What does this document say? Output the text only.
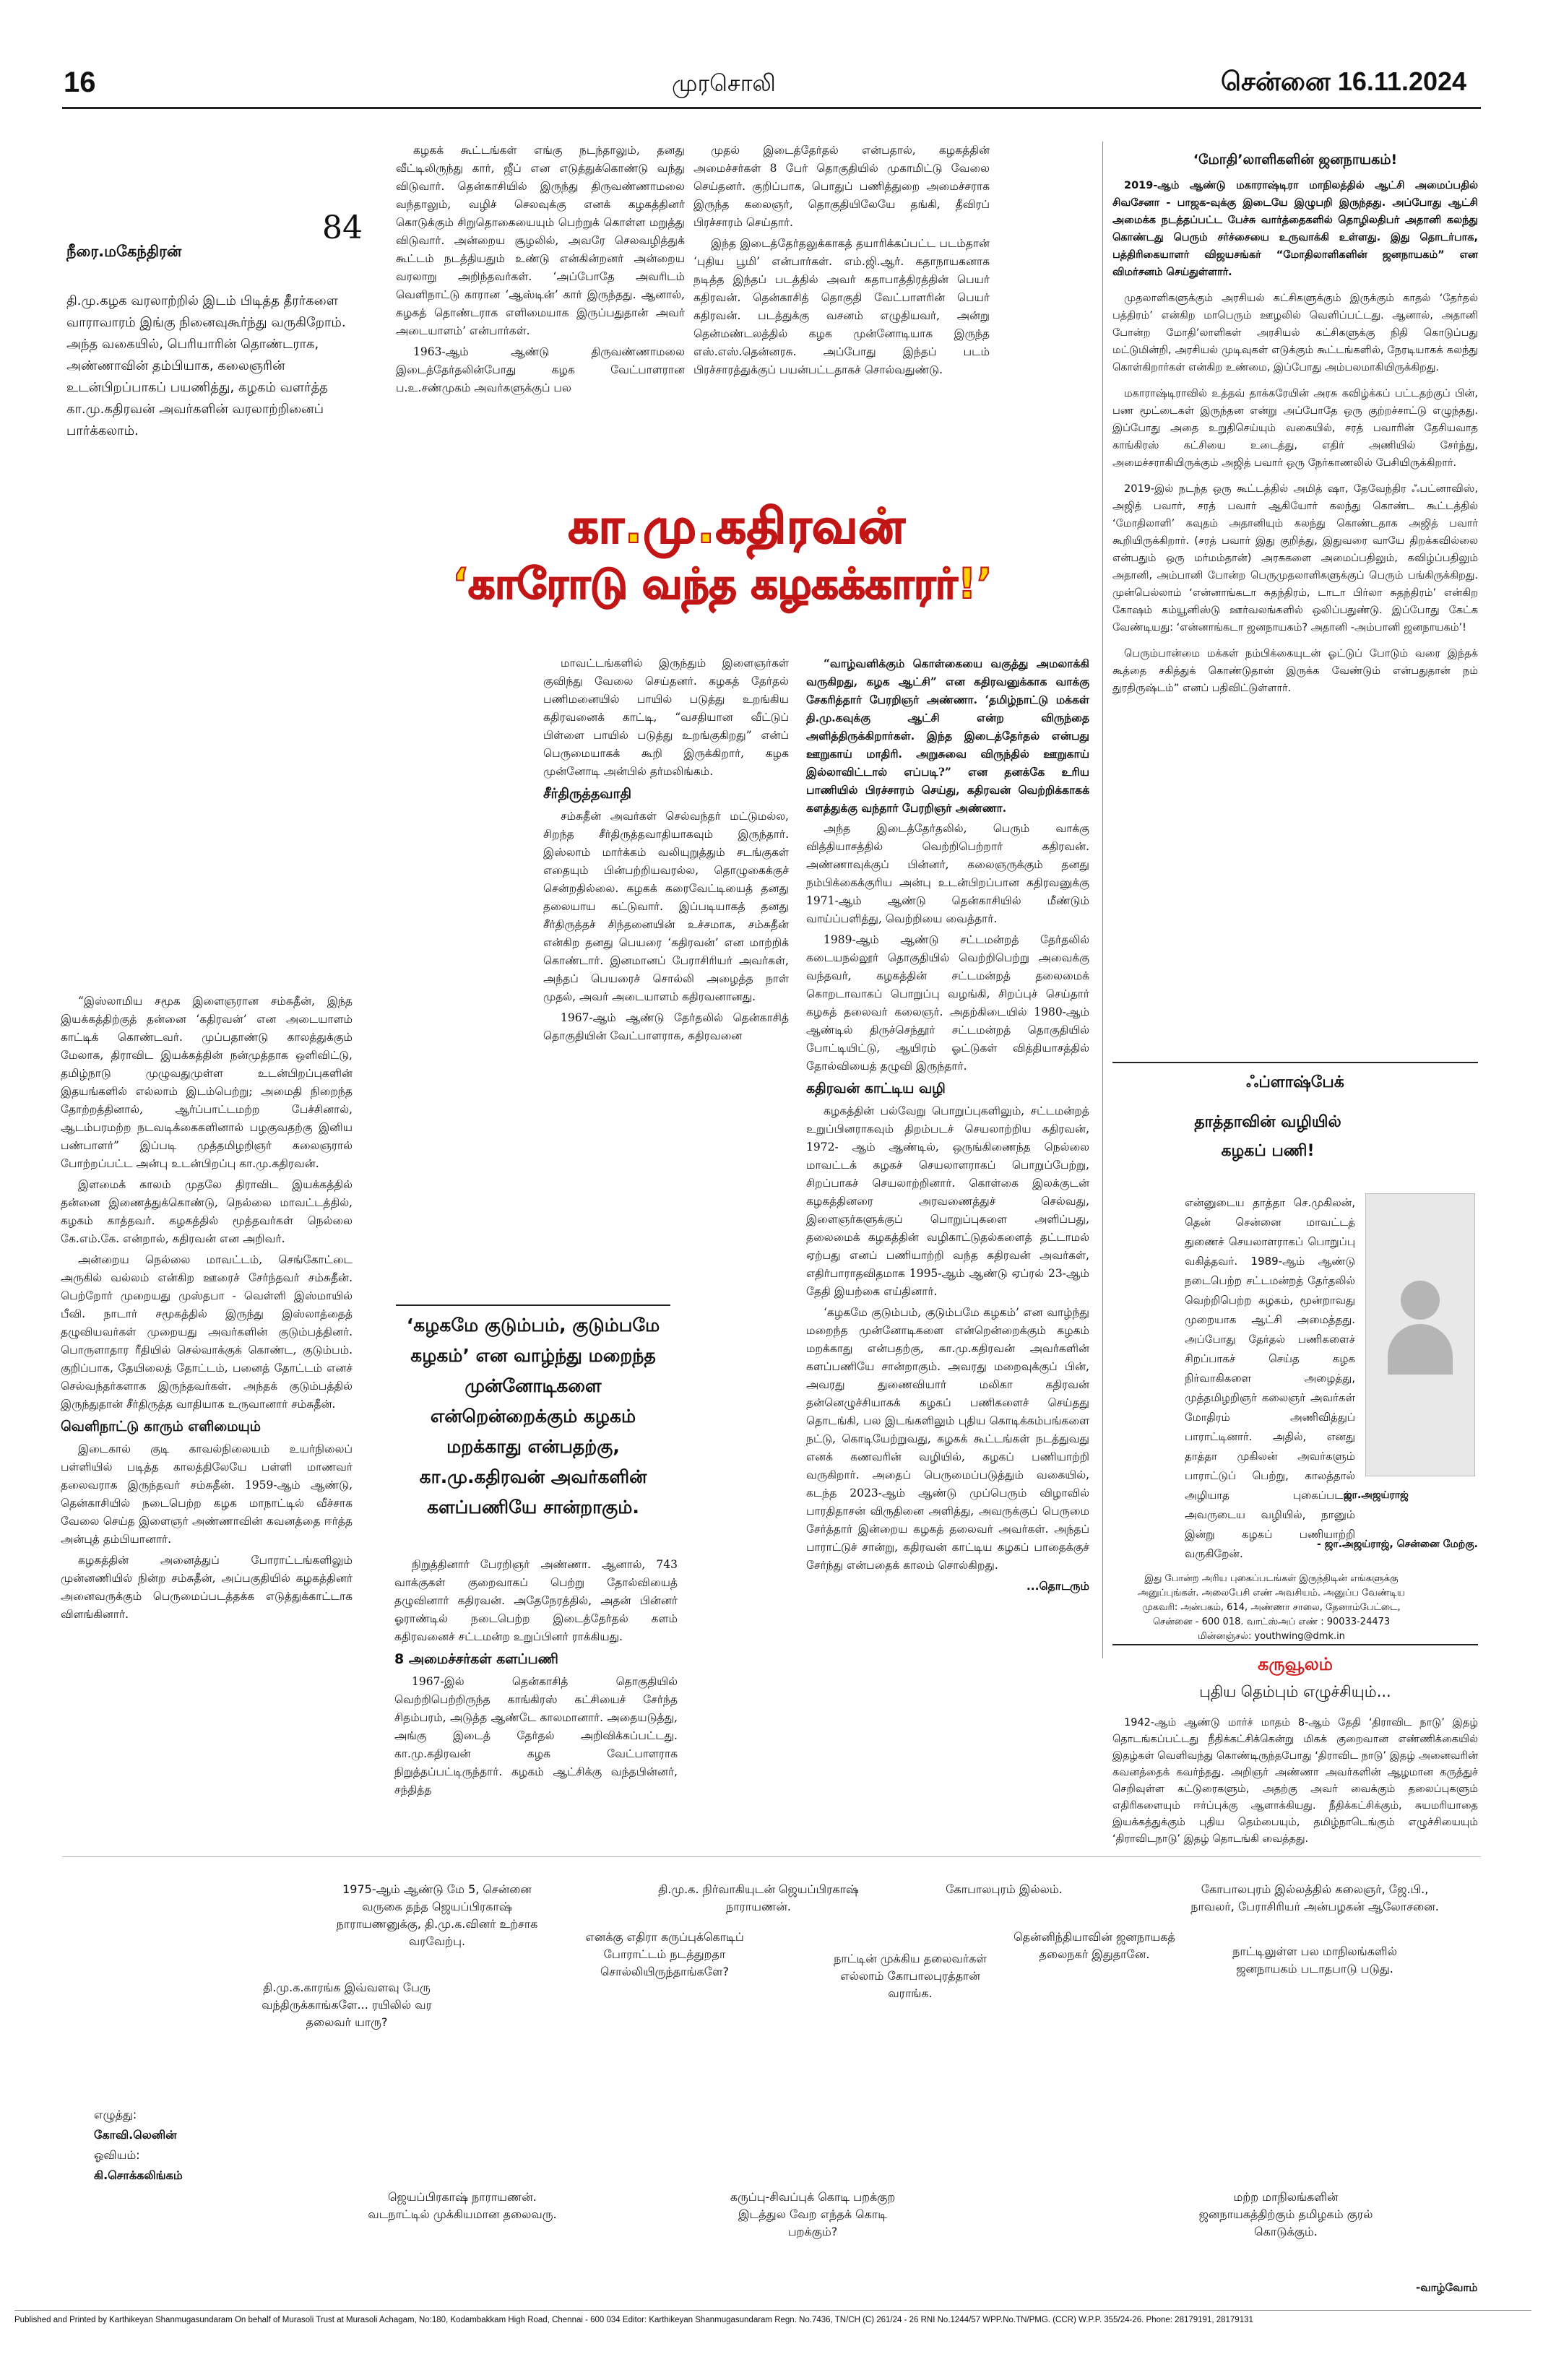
16	முரசொலி	சென்னை 16.11.2024
84
நீரை.மகேந்திரன்
தி.மு.கழக வரலாற்றில் இடம் பிடித்த தீரர்களை வாராவாரம் இங்கு நினைவுகூர்ந்து வருகிறோம். அந்த வகையில், பெரியாரின் தொண்டராக, அண்ணாவின் தம்பியாக, கலைஞரின் உடன்பிறப்பாகப் பயணித்து, கழகம் வளர்த்த கா.மு.கதிரவன் அவர்களின் வரலாற்றினைப் பார்க்கலாம்.

கழகக் கூட்டங்கள் எங்கு நடந்தாலும், தனது வீட்டிலிருந்து கார், ஜீப் என எடுத்துக்கொண்டு வந்து விடுவார். தென்காசியில் இருந்து திருவண்ணாமலை வந்தாலும், வழிச் செலவுக்கு எனக் கழகத்தினர் கொடுக்கும் சிறுதொகையையும் பெற்றுக் கொள்ள மறுத்து விடுவார். அன்றைய சூழலில், அவரே செலவழித்துக் கூட்டம் நடத்தியதும் உண்டு என்கின்றனர் அன்றைய வரலாறு அறிந்தவர்கள். ‘அப்போதே அவரிடம் வெளிநாட்டு காரான ‘ஆஸ்டின்’ கார் இருந்தது. ஆனால், கழகத் தொண்டராக எளிமையாக இருப்பதுதான் அவர் அடையாளம்’ என்பார்கள்.

1963-ஆம் ஆண்டு திருவண்ணாமலை இடைத்தேர்தலின்போது கழக வேட்பாளரான ப.உ.சண்முகம் அவர்களுக்குப் பல

முதல் இடைத்தேர்தல் என்பதால், கழகத்தின் அமைச்சர்கள் 8 பேர் தொகுதியில் முகாமிட்டு வேலை செய்தனர். குறிப்பாக, பொதுப் பணித்துறை அமைச்சராக இருந்த கலைஞர், தொகுதியிலேயே தங்கி, தீவிரப் பிரச்சாரம் செய்தார்.

இந்த இடைத்தேர்தலுக்காகத் தயாரிக்கப்பட்ட படம்தான் ‘புதிய பூமி’ என்பார்கள். எம்.ஜி.ஆர். கதாநாயகனாக நடித்த இந்தப் படத்தில் அவர் கதாபாத்திரத்தின் பெயர் கதிரவன். தென்காசித் தொகுதி வேட்பாளரின் பெயர் கதிரவன். படத்துக்கு வசனம் எழுதியவர், அன்று தென்மண்டலத்தில் கழக முன்னோடியாக இருந்த எஸ்.எஸ்.தென்னரசு. அப்போது இந்தப் படம் பிரச்சாரத்துக்குப் பயன்பட்டதாகச் சொல்வதுண்டு.

கா.மு.கதிரவன்
‘காரோடு வந்த கழகக்காரர்!’

மாவட்டங்களில் இருந்தும் இளைஞர்கள் குவிந்து வேலை செய்தனர். கழகத் தேர்தல் பணிமனையில் பாயில் படுத்து உறங்கிய கதிரவனைக் காட்டி, “வசதியான வீட்டுப் பிள்ளை பாயில் படுத்து உறங்குகிறது” என்ப் பெருமையாகக் கூறி இருக்கிறார், கழக முன்னோடி அன்பில் தர்மலிங்கம்.

சீர்திருத்தவாதி

சம்சுதீன் அவர்கள் செல்வந்தர் மட்டுமல்ல, சிறந்த சீர்திருத்தவாதியாகவும் இருந்தார். இஸ்லாம் மார்க்கம் வலியுறுத்தும் சடங்குகள் எதையும் பின்பற்றியவரல்ல, தொழுகைக்குச் சென்றதில்லை. கழகக் கரைவேட்டியைத் தனது தலையாய கட்டுவார். இப்படியாகத் தனது சீர்திருத்தச் சிந்தனையின் உச்சமாக, சம்சுதீன் என்கிற தனது பெயரை ‘கதிரவன்’ என மாற்றிக் கொண்டார். இனமானப் பேராசிரியர் அவர்கள், அந்தப் பெயரைச் சொல்லி அழைத்த நாள் முதல், அவர் அடையாளம் கதிரவனானது.

1967-ஆம் ஆண்டு தேர்தலில் தென்காசித் தொகுதியின் வேட்பாளராக, கதிரவனை

“வாழ்வளிக்கும் கொள்கையை வகுத்து அமலாக்கி வருகிறது, கழக ஆட்சி” என கதிரவனுக்காக வாக்கு சேகரித்தார் பேரறிஞர் அண்ணா. ‘தமிழ்நாட்டு மக்கள் தி.மு.கவுக்கு ஆட்சி என்ற விருந்தை அளித்திருக்கிறார்கள். இந்த இடைத்தேர்தல் என்பது ஊறுகாய் மாதிரி. அறுசுவை விருந்தில் ஊறுகாய் இல்லாவிட்டால் எப்படி?” என தனக்கே உரிய பாணியில் பிரச்சாரம் செய்து, கதிரவன் வெற்றிக்காகக் களத்துக்கு வந்தார் பேரறிஞர் அண்ணா.

அந்த இடைத்தேர்தலில், பெரும் வாக்கு வித்தியாசத்தில் வெற்றிபெற்றார் கதிரவன். அண்ணாவுக்குப் பின்னர், கலைஞருக்கும் தனது நம்பிக்கைக்குரிய அன்பு உடன்பிறப்பான கதிரவனுக்கு 1971-ஆம் ஆண்டு தென்காசியில் மீண்டும் வாய்ப்பளித்து, வெற்றியை வைத்தார்.

1989-ஆம் ஆண்டு சட்டமன்றத் தேர்தலில் கடையநல்லூர் தொகுதியில் வெற்றிபெற்று அவைக்கு வந்தவர், கழகத்தின் சட்டமன்றத் தலைமைக் கொறடாவாகப் பொறுப்பு வழங்கி, சிறப்புச் செய்தார் கழகத் தலைவர் கலைஞர். அதற்கிடையில் 1980-ஆம் ஆண்டில் திருச்செந்தூர் சட்டமன்றத் தொகுதியில் போட்டியிட்டு, ஆயிரம் ஓட்டுகள் வித்தியாசத்தில் தோல்வியைத் தழுவி இருந்தார்.

கதிரவன் காட்டிய வழி

கழகத்தின் பல்வேறு பொறுப்புகளிலும், சட்டமன்றத் உறுப்பினராகவும் திறம்படச் செயலாற்றிய கதிரவன், 1972- ஆம் ஆண்டில், ஒருங்கிணைந்த நெல்லை மாவட்டக் கழகச் செயலாளராகப் பொறுப்பேற்று, சிறப்பாகச் செயலாற்றினார். கொள்கை இலக்குடன் கழகத்தினரை அரவணைத்துச் செல்வது, இளைஞர்களுக்குப் பொறுப்புகளை அளிப்பது, தலைமைக் கழகத்தின் வழிகாட்டுதல்களைத் தட்டாமல் ஏற்பது எனப் பணியாற்றி வந்த கதிரவன் அவர்கள், எதிர்பாராதவிதமாக 1995-ஆம் ஆண்டு ஏப்ரல் 23-ஆம் தேதி இயற்கை எய்தினார்.

‘கழகமே குடும்பம், குடும்பமே கழகம்’ என வாழ்ந்து மறைந்த முன்னோடிகளை என்றென்றைக்கும் கழகம் மறக்காது என்பதற்கு, கா.மு.கதிரவன் அவர்களின் களப்பணியே சான்றாகும். அவரது மறைவுக்குப் பின், அவரது துணைவியார் மலிகா கதிரவன் தன்னெழுச்சியாகக் கழகப் பணிகளைச் செய்தது தொடங்கி, பல இடங்களிலும் புதிய கொடிக்கம்பங்களை நட்டு, கொடியேற்றுவது, கழகக் கூட்டங்கள் நடத்துவது எனக் கணவரின் வழியில், கழகப் பணியாற்றி வருகிறார். அதைப் பெருமைப்படுத்தும் வகையில், கடந்த 2023-ஆம் ஆண்டு முப்பெரும் விழாவில் பாரதிதாசன் விருதினை அளித்து, அவருக்குப் பெருமை சேர்த்தார் இன்றைய கழகத் தலைவர் அவர்கள். அந்தப் பாராட்டுச் சான்று, கதிரவன் காட்டிய கழகப் பாதைக்குச் சேர்ந்து என்பதைக் காலம் சொல்கிறது.

...தொடரும்

“இஸ்லாமிய சமூக இளைஞரான சம்சுதீன், இந்த இயக்கத்திற்குத் தன்னை ‘கதிரவன்’ என அடையாளம் காட்டிக் கொண்டவர். முப்பதாண்டு காலத்துக்கும் மேலாக, திராவிட இயக்கத்தின் நன்முத்தாக ஒளிவிட்டு, தமிழ்நாடு முழுவதுமுள்ள உடன்பிறப்புகளின் இதயங்களில் எல்லாம் இடம்பெற்று; அமைதி நிறைந்த தோற்றத்தினால், ஆர்ப்பாட்டமற்ற பேச்சினால், ஆடம்பரமற்ற நடவடிக்கைகளினால் பழகுவதற்கு இனிய பண்பாளர்” இப்படி முத்தமிழறிஞர் கலைஞரால் போற்றப்பட்ட அன்பு உடன்பிறப்பு கா.மு.கதிரவன்.

இளமைக் காலம் முதலே திராவிட இயக்கத்தில் தன்னை இணைத்துக்கொண்டு, நெல்லை மாவட்டத்தில், கழகம் காத்தவர். கழகத்தில் மூத்தவர்கள் நெல்லை கே.எம்.கே. என்றால், கதிரவன் என அறிவர்.

அன்றைய நெல்லை மாவட்டம், செங்கோட்டை அருகில் வல்லம் என்கிற ஊரைச் சேர்ந்தவர் சம்சுதீன். பெற்றோர் முறையது முஸ்தபா - வெள்ளி இஸ்மாயில் பீவி. நாடார் சமூகத்தில் இருந்து இஸ்லாத்தைத் தழுவியவர்கள் முறையது அவர்களின் குடும்பத்தினர். பொருளாதார ரீதியில் செல்வாக்குக் கொண்ட, குடும்பம். குறிப்பாக, தேயிலைத் தோட்டம், பனைத் தோட்டம் எனச் செல்வந்தர்களாக இருந்தவர்கள். அந்தக் குடும்பத்தில் இருந்துதான் சீர்திருத்த வாதியாக உருவானார் சம்சுதீன்.

வெளிநாட்டு காரும் எளிமையும்

இடைகால் குடி காவல்நிலையம் உயர்நிலைப் பள்ளியில் படித்த காலத்திலேயே பள்ளி மாணவர் தலைவராக இருந்தவர் சம்சுதீன். 1959-ஆம் ஆண்டு, தென்காசியில் நடைபெற்ற கழக மாநாட்டில் வீச்சாக வேலை செய்த இளைஞர் அண்ணாவின் கவனத்தை ஈர்த்த அன்புத் தம்பியானார்.

கழகத்தின் அனைத்துப் போராட்டங்களிலும் முன்னணியில் நின்ற சம்சுதீன், அப்பகுதியில் கழகத்தினர் அனைவருக்கும் பெருமைப்படத்தக்க எடுத்துக்காட்டாக விளங்கினார்.

‘கழகமே குடும்பம், குடும்பமே கழகம்’ என வாழ்ந்து மறைந்த முன்னோடிகளை என்றென்றைக்கும் கழகம் மறக்காது என்பதற்கு, கா.மு.கதிரவன் அவர்களின் களப்பணியே சான்றாகும்.

நிறுத்தினார் பேரறிஞர் அண்ணா. ஆனால், 743 வாக்குகள் குறைவாகப் பெற்று தோல்வியைத் தழுவினார் கதிரவன். அதேநேரத்தில், அதன் பின்னர் ஓராண்டில் நடைபெற்ற இடைத்தேர்தல் களம் கதிரவனைச் சட்டமன்ற உறுப்பினர் ராக்கியது.

8 அமைச்சர்கள் களப்பணி

1967-இல் தென்காசித் தொகுதியில் வெற்றிபெற்றிருந்த காங்கிரஸ் கட்சியைச் சேர்ந்த சிதம்பரம், அடுத்த ஆண்டே காலமானார். அதையடுத்து, அங்கு இடைத் தேர்தல் அறிவிக்கப்பட்டது. கா.மு.கதிரவன் கழக வேட்பாளராக நிறுத்தப்பட்டிருந்தார். கழகம் ஆட்சிக்கு வந்தபின்னர், சந்தித்த

‘மோதி’லாளிகளின் ஜனநாயகம்!

2019-ஆம் ஆண்டு மகாராஷ்டிரா மாநிலத்தில் ஆட்சி அமைப்பதில் சிவசேனா - பாஜக-வுக்கு இடையே இழுபறி இருந்தது. அப்போது ஆட்சி அமைக்க நடத்தப்பட்ட பேச்சு வார்த்தைகளில் தொழிலதிபர் அதானி கலந்து கொண்டது பெரும் சர்ச்சையை உருவாக்கி உள்ளது. இது தொடர்பாக, பத்திரிகையாளர் விஜயசங்கர் “மோதிலாளிகளின் ஜனநாயகம்” என விமர்சனம் செய்துள்ளார்.

முதலாளிகளுக்கும் அரசியல் கட்சிகளுக்கும் இருக்கும் காதல் ‘தேர்தல் பத்திரம்’ என்கிற மாபெரும் ஊழலில் வெளிப்பட்டது. ஆனால், அதானி போன்ற மோதி’லாளிகள் அரசியல் கட்சிகளுக்கு நிதி கொடுப்பது மட்டுமின்றி, அரசியல் முடிவுகள் எடுக்கும் கூட்டங்களில், நேரடியாகக் கலந்து கொள்கிறார்கள் என்கிற உண்மை, இப்போது அம்பலமாகியிருக்கிறது.

மகாராஷ்டிராவில் உத்தவ் தாக்கரேயின் அரசு கவிழ்க்கப் பட்டதற்குப் பின், பண மூட்டைகள் இருந்தன என்று அப்போதே ஒரு குற்றச்சாட்டு எழுந்தது. இப்போது அதை உறுதிசெய்யும் வகையில், சரத் பவாரின் தேசியவாத காங்கிரஸ் கட்சியை உடைத்து, எதிர் அணியில் சேர்ந்து, அமைச்சராகியிருக்கும் அஜித் பவார் ஒரு நேர்காணலில் பேசியிருக்கிறார்.

2019-இல் நடந்த ஒரு கூட்டத்தில் அமித் ஷா, தேவேந்திர ஃபட்னாவிஸ், அஜித் பவார், சரத் பவார் ஆகியோர் கலந்து கொண்ட கூட்டத்தில் ‘மோதிலாளி’ கவுதம் அதானியும் கலந்து கொண்டதாக அஜித் பவார் கூறியிருக்கிறார். (சரத் பவார் இது குறித்து, இதுவரை வாயே திறக்கவில்லை என்பதும் ஒரு மர்மம்தான்) அரசுகளை அமைப்பதிலும், கவிழ்ப்பதிலும் அதானி, அம்பானி போன்ற பெருமுதலாளிகளுக்குப் பெரும் பங்கிருக்கிறது. முன்பெல்லாம் ‘என்னாங்கடா சுதந்திரம், டாடா பிர்லா சுதந்திரம்’ என்கிற கோஷம் கம்யூனிஸ்டு ஊர்வலங்களில் ஒலிப்பதுண்டு. இப்போது கேட்க வேண்டியது: ‘என்னாங்கடா ஜனநாயகம்? அதானி -அம்பானி ஜனநாயகம்’!

பெரும்பான்மை மக்கள் நம்பிக்கையுடன் ஓட்டுப் போடும் வரை இந்தக் கூத்தை சகித்துக் கொண்டுதான் இருக்க வேண்டும் என்பதுதான் நம் துரதிருஷ்டம்” எனப் பதிவிட்டுள்ளார்.

ஃப்ளாஷ்பேக்
தாத்தாவின் வழியில் கழகப் பணி!
என்னுடைய தாத்தா செ.முகிலன், தென் சென்னை மாவட்டத் துணைச் செயலாளராகப் பொறுப்பு வகித்தவர். 1989-ஆம் ஆண்டு நடைபெற்ற சட்டமன்றத் தேர்தலில் வெற்றிபெற்ற கழகம், மூன்றாவது முறையாக ஆட்சி அமைத்தது. அப்போது தேர்தல் பணிகளைச் சிறப்பாகச் செய்த கழக நிர்வாகிகளை அழைத்து, முத்தமிழறிஞர் கலைஞர் அவர்கள் மோதிரம் அணிவித்துப் பாராட்டினார். அதில், எனது தாத்தா முகிலன் அவர்களும் பாராட்டுப் பெற்று, காலத்தால் அழியாத புகைப்படம். அவருடைய வழியில், நானும் இன்று கழகப் பணியாற்றி வருகிறேன்.
ஜா.அஜய்ராஜ்
- ஜா.அஜய்ராஜ், சென்னை மேற்கு.
இது போன்ற அரிய புகைப்படங்கள் இருந்திடின் எங்களுக்கு அனுப்புங்கள். அலைபேசி எண் அவசியம். அனுப்ப வேண்டிய முகவரி: அன்பகம், 614, அண்ணா சாலை, தேனாம்பேட்டை, சென்னை - 600 018. வாட்ஸ்அப் எண் : 90033-24473 மின்னஞ்சல்: youthwing@dmk.in
கருவூலம்
புதிய தெம்பும் எழுச்சியும்...
1942-ஆம் ஆண்டு மார்ச் மாதம் 8-ஆம் தேதி ‘திராவிட நாடு’ இதழ் தொடங்கப்பட்டது நீதிக்கட்சிக்கென்று மிகக் குறைவான எண்ணிக்கையில் இதழ்கள் வெளிவந்து கொண்டிருந்தபோது ‘திராவிட நாடு’ இதழ் அனைவரின் கவனத்தைக் கவர்ந்தது. அறிஞர் அண்ணா அவர்களின் ஆழமான கருத்துச் செறிவுள்ள கட்டுரைகளும், அதற்கு அவர் வைக்கும் தலைப்புகளும் எதிரிகளையும் ஈர்ப்புக்கு ஆளாக்கியது. நீதிக்கட்சிக்கும், சுயமரியாதை இயக்கத்துக்கும் புதிய தெம்பையும், தமிழ்நாடெங்கும் எழுச்சியையும் ‘திராவிடநாடு’ இதழ் தொடங்கி வைத்தது.
1975-ஆம் ஆண்டு மே 5, சென்னை வருகை தந்த ஜெயப்பிரகாஷ் நாராயணனுக்கு, தி.மு.க.வினர் உற்சாக வரவேற்பு.
தி.மு.க.காரங்க இவ்வளவு பேரு வந்திருக்காங்களே... ரயிலில் வர தலைவர் யாரு?
தி.மு.க. நிர்வாகியுடன் ஜெயப்பிரகாஷ் நாராயணன்.
எனக்கு எதிரா கருப்புக்கொடிப் போராட்டம் நடத்துறதா சொல்லியிருந்தாங்களே?
கோபாலபுரம் இல்லம்.
நாட்டின் முக்கிய தலைவர்கள் எல்லாம் கோபாலபுரத்தான் வராங்க.
தென்னிந்தியாவின் ஜனநாயகத் தலைநகர் இதுதானே.
கோபாலபுரம் இல்லத்தில் கலைஞர், ஜே.பி., நாவலர், பேராசிரியர் அன்பழகன் ஆலோசனை.
நாட்டிலுள்ள பல மாநிலங்களில் ஜனநாயகம் படாதபாடு படுது.
எழுத்து:
கோவி.லெனின்
ஓவியம்:
கி.சொக்கலிங்கம்
ஜெயப்பிரகாஷ் நாராயணன். வடநாட்டில் முக்கியமான தலைவரு.
கருப்பு-சிவப்புக் கொடி பறக்குற இடத்துல வேற எந்தக் கொடி பறக்கும்?
மற்ற மாநிலங்களின் ஜனநாயகத்திற்கும் தமிழகம் குரல் கொடுக்கும்.
-வாழ்வோம்
Published and Printed by Karthikeyan Shanmugasundaram On behalf of Murasoli Trust at Murasoli Achagam, No:180, Kodambakkam High Road, Chennai - 600 034 Editor: Karthikeyan Shanmugasundaram Regn. No.7436, TN/CH (C) 261/24 - 26 RNI No.1244/57 WPP.No.TN/PMG. (CCR) W.P.P. 355/24-26. Phone: 28179191, 28179131
